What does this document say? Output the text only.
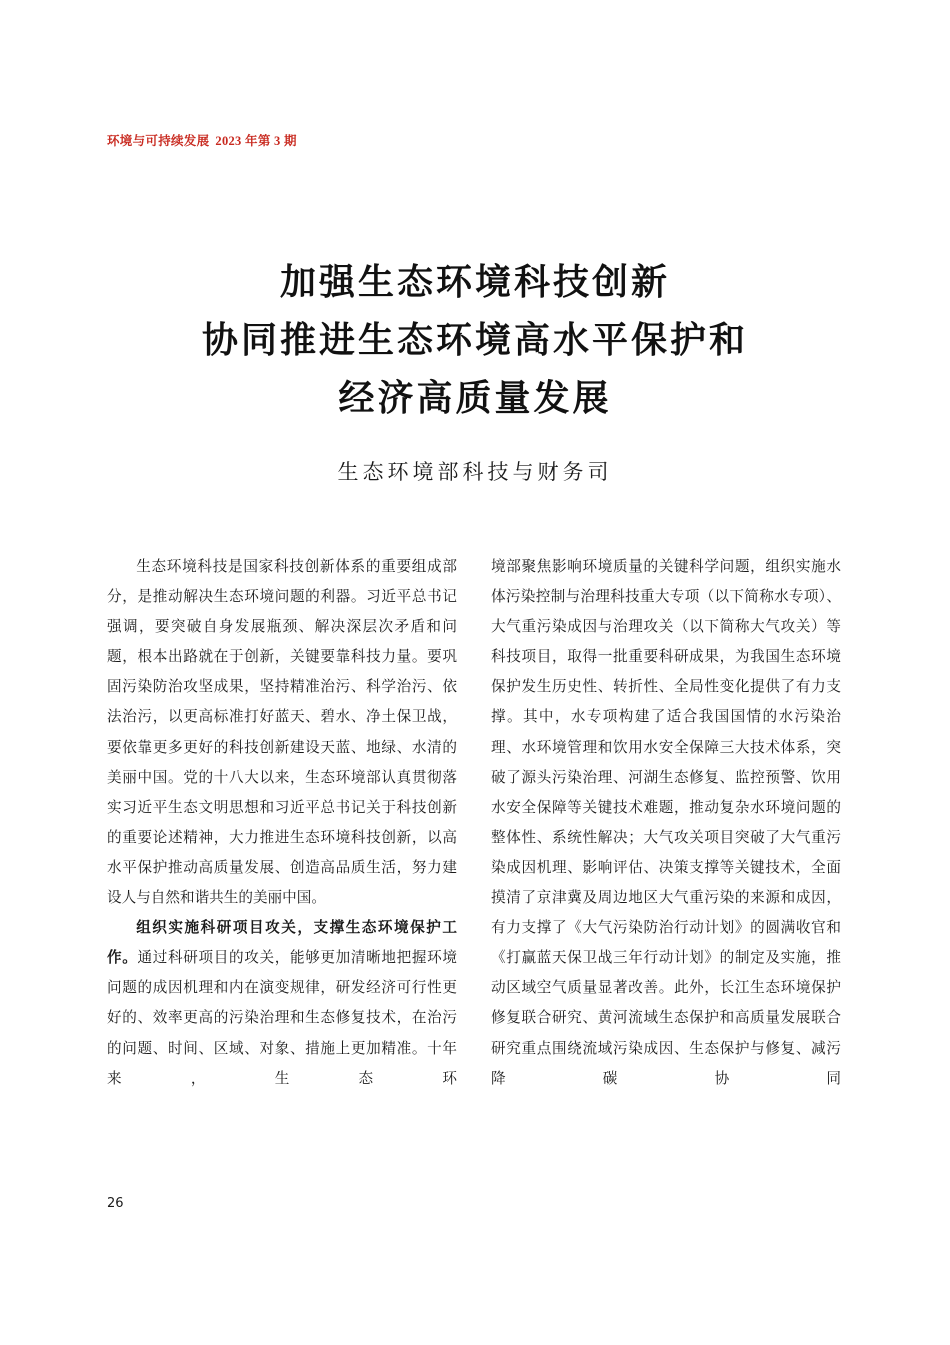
环境与可持续发展 2023 年第 3 期
加强生态环境科技创新
协同推进生态环境高水平保护和
经济高质量发展
生态环境部科技与财务司

生态环境科技是国家科技创新体系的重要组成部分，是推动解决生态环境问题的利器。习近平总书记强调，要突破自身发展瓶颈、解决深层次矛盾和问题，根本出路就在于创新，关键要靠科技力量。要巩固污染防治攻坚成果，坚持精准治污、科学治污、依法治污，以更高标准打好蓝天、碧水、净土保卫战，要依靠更多更好的科技创新建设天蓝、地绿、水清的美丽中国。党的十八大以来，生态环境部认真贯彻落实习近平生态文明思想和习近平总书记关于科技创新的重要论述精神，大力推进生态环境科技创新，以高水平保护推动高质量发展、创造高品质生活，努力建设人与自然和谐共生的美丽中国。

组织实施科研项目攻关，支撑生态环境保护工作。通过科研项目的攻关，能够更加清晰地把握环境问题的成因机理和内在演变规律，研发经济可行性更好的、效率更高的污染治理和生态修复技术，在治污的问题、时间、区域、对象、措施上更加精准。十年来，生态环

境部聚焦影响环境质量的关键科学问题，组织实施水体污染控制与治理科技重大专项（以下简称水专项）、大气重污染成因与治理攻关（以下简称大气攻关）等科技项目，取得一批重要科研成果，为我国生态环境保护发生历史性、转折性、全局性变化提供了有力支撑。其中，水专项构建了适合我国国情的水污染治理、水环境管理和饮用水安全保障三大技术体系，突破了源头污染治理、河湖生态修复、监控预警、饮用水安全保障等关键技术难题，推动复杂水环境问题的整体性、系统性解决；大气攻关项目突破了大气重污染成因机理、影响评估、决策支撑等关键技术，全面摸清了京津冀及周边地区大气重污染的来源和成因，有力支撑了《大气污染防治行动计划》的圆满收官和《打赢蓝天保卫战三年行动计划》的制定及实施，推动区域空气质量显著改善。此外，长江生态环境保护修复联合研究、黄河流域生态保护和高质量发展联合研究重点围绕流域污染成因、生态保护与修复、减污降碳协同

26
